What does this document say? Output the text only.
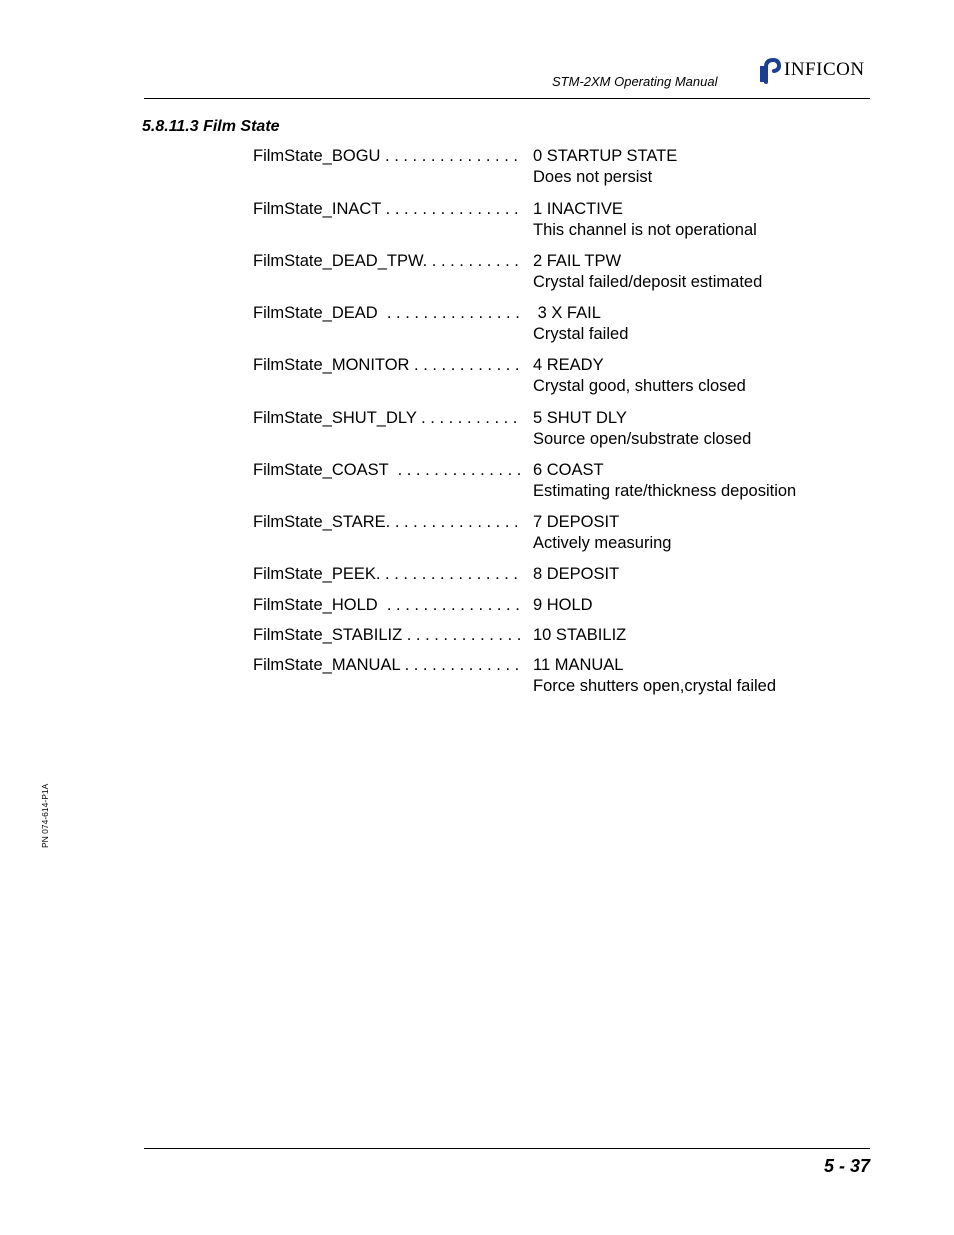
STM-2XM Operating Manual
INFICON
5.8.11.3 Film State
FilmState_BOGU . . . . . . . . . . . . . . . 0 STARTUP STATE
Does not persist
FilmState_INACT . . . . . . . . . . . . . . . 1 INACTIVE
This channel is not operational
FilmState_DEAD_TPW. . . . . . . . . . . 2 FAIL TPW
Crystal failed/deposit estimated
FilmState_DEAD  . . . . . . . . . . . . . . . 3 X FAIL
Crystal failed
FilmState_MONITOR . . . . . . . . . . . . 4 READY
Crystal good, shutters closed
FilmState_SHUT_DLY . . . . . . . . . . . 5 SHUT DLY
Source open/substrate closed
FilmState_COAST  . . . . . . . . . . . . . . 6 COAST
Estimating rate/thickness deposition
FilmState_STARE. . . . . . . . . . . . . . . 7 DEPOSIT
Actively measuring
FilmState_PEEK. . . . . . . . . . . . . . . . 8 DEPOSIT
FilmState_HOLD  . . . . . . . . . . . . . . . 9 HOLD
FilmState_STABILIZ . . . . . . . . . . . . . 10 STABILIZ
FilmState_MANUAL . . . . . . . . . . . . . 11 MANUAL
Force shutters open,crystal failed
PN 074-614-P1A
5 - 37
